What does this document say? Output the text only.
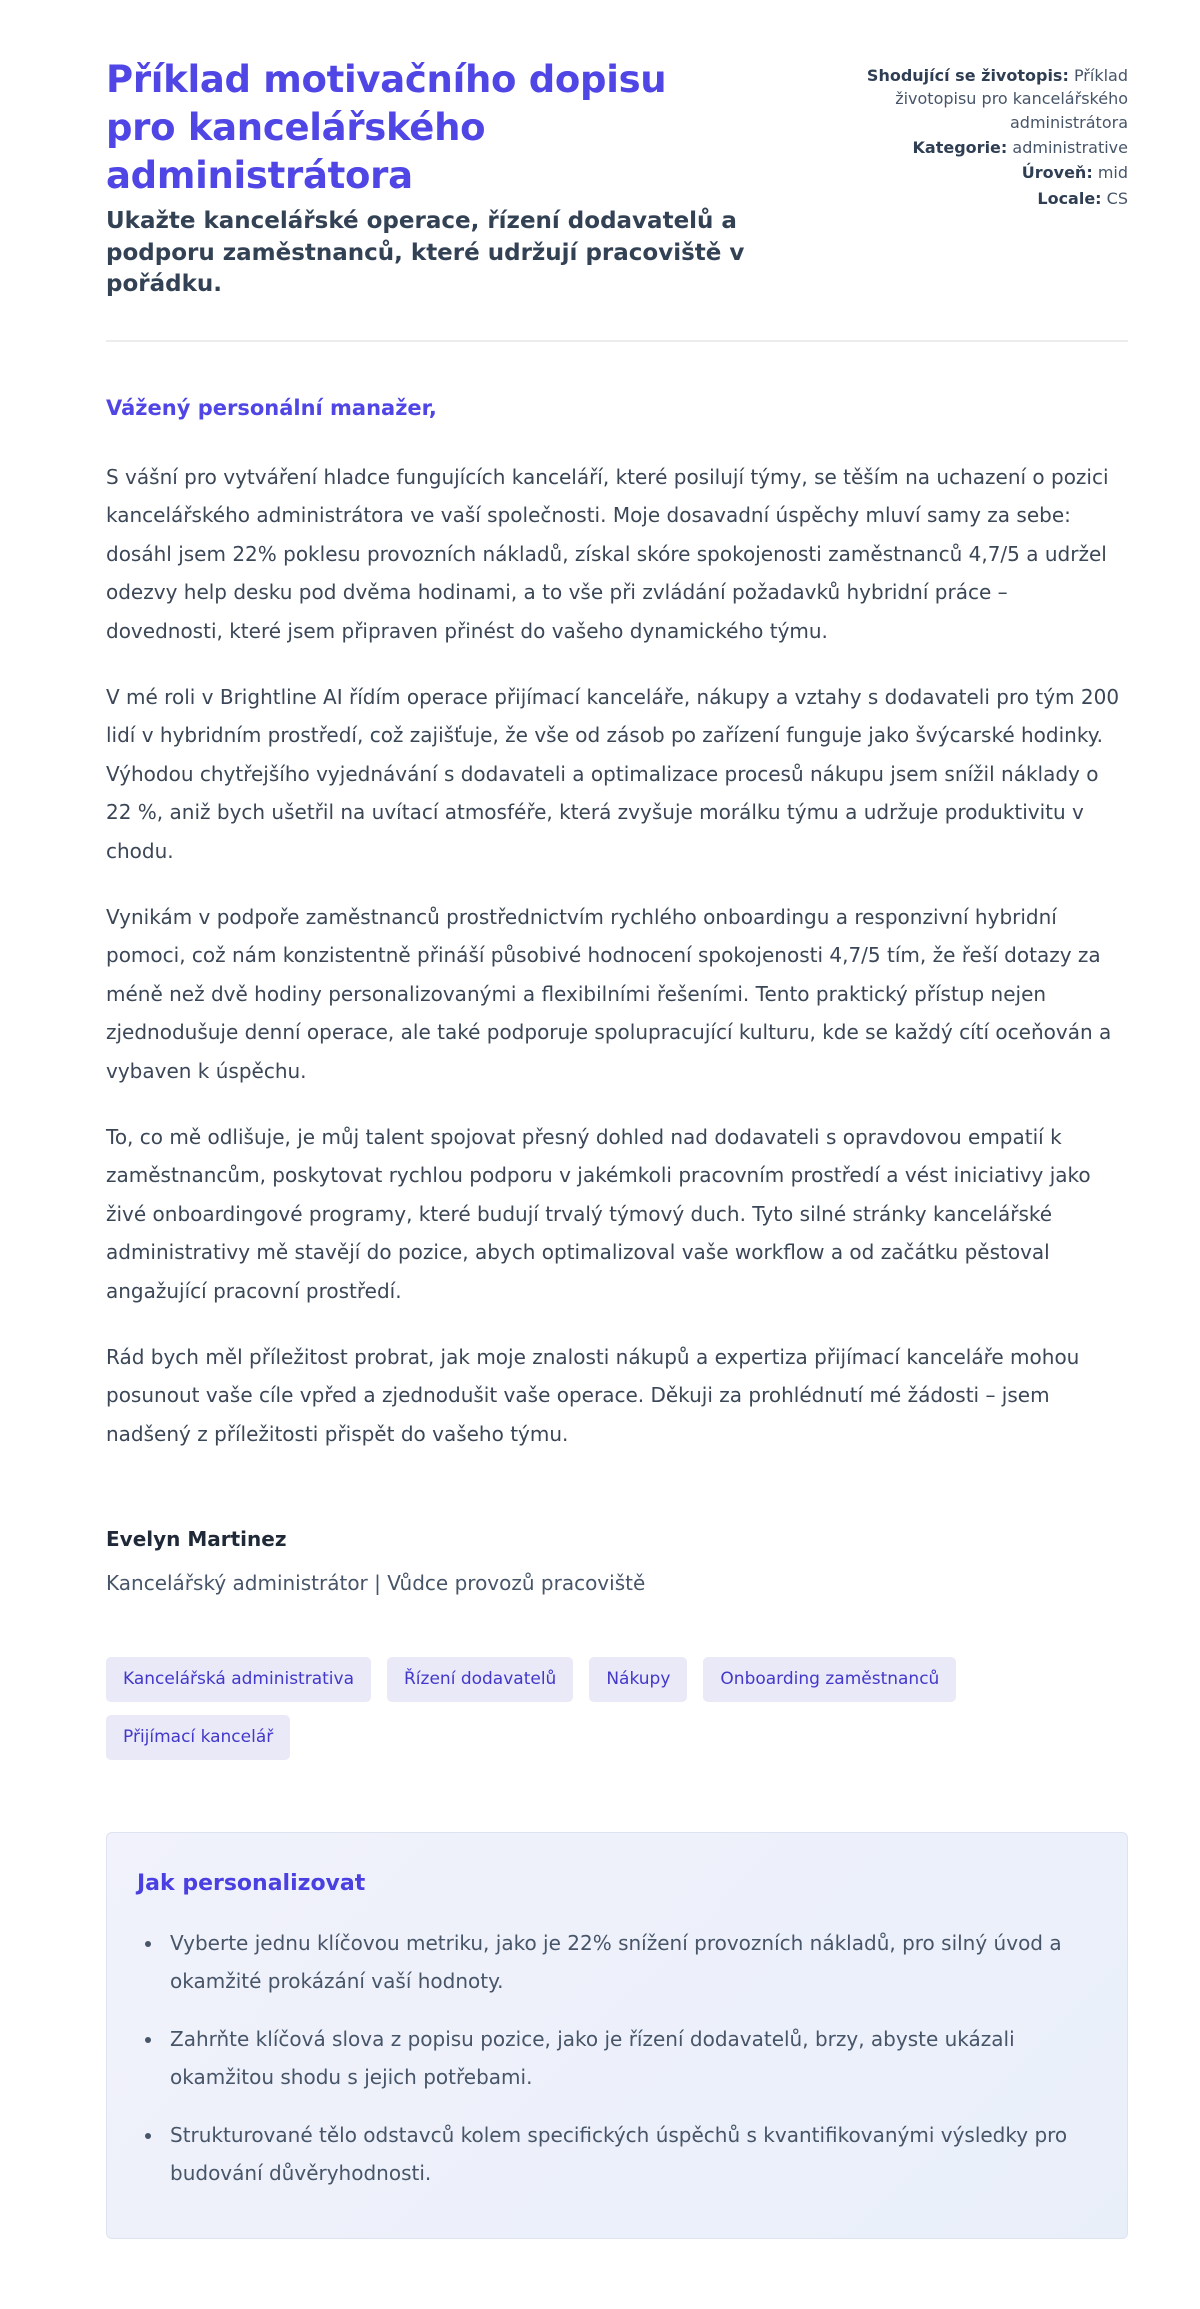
Příklad motivačního dopisu pro kancelářského administrátora

Ukažte kancelářské operace, řízení dodavatelů a podporu zaměstnanců, které udržují pracoviště v pořádku.

Shodující se životopis: Příklad životopisu pro kancelářského administrátora
Kategorie: administrative
Úroveň: mid
Locale: CS

Vážený personální manažer,

S vášní pro vytváření hladce fungujících kanceláří, které posilují týmy, se těším na uchazení o pozici kancelářského administrátora ve vaší společnosti. Moje dosavadní úspěchy mluví samy za sebe: dosáhl jsem 22% poklesu provozních nákladů, získal skóre spokojenosti zaměstnanců 4,7/5 a udržel odezvy help desku pod dvěma hodinami, a to vše při zvládání požadavků hybridní práce – dovednosti, které jsem připraven přinést do vašeho dynamického týmu.

V mé roli v Brightline AI řídím operace přijímací kanceláře, nákupy a vztahy s dodavateli pro tým 200 lidí v hybridním prostředí, což zajišťuje, že vše od zásob po zařízení funguje jako švýcarské hodinky. Výhodou chytřejšího vyjednávání s dodavateli a optimalizace procesů nákupu jsem snížil náklady o 22 %, aniž bych ušetřil na uvítací atmosféře, která zvyšuje morálku týmu a udržuje produktivitu v chodu.

Vynikám v podpoře zaměstnanců prostřednictvím rychlého onboardingu a responzivní hybridní pomoci, což nám konzistentně přináší působivé hodnocení spokojenosti 4,7/5 tím, že řeší dotazy za méně než dvě hodiny personalizovanými a flexibilními řešeními. Tento praktický přístup nejen zjednodušuje denní operace, ale také podporuje spolupracující kulturu, kde se každý cítí oceňován a vybaven k úspěchu.

To, co mě odlišuje, je můj talent spojovat přesný dohled nad dodavateli s opravdovou empatií k zaměstnancům, poskytovat rychlou podporu v jakémkoli pracovním prostředí a vést iniciativy jako živé onboardingové programy, které budují trvalý týmový duch. Tyto silné stránky kancelářské administrativy mě stavějí do pozice, abych optimalizoval vaše workflow a od začátku pěstoval angažující pracovní prostředí.

Rád bych měl příležitost probrat, jak moje znalosti nákupů a expertiza přijímací kanceláře mohou posunout vaše cíle vpřed a zjednodušit vaše operace. Děkuji za prohlédnutí mé žádosti – jsem nadšený z příležitosti přispět do vašeho týmu.

Evelyn Martinez

Kancelářský administrátor | Vůdce provozů pracoviště

Kancelářská administrativa	Řízení dodavatelů	Nákupy	Onboarding zaměstnanců
Přijímací kancelář
Jak personalizovat
• Vyberte jednu klíčovou metriku, jako je 22% snížení provozních nákladů, pro silný úvod a okamžité prokázání vaší hodnoty.
• Zahrňte klíčová slova z popisu pozice, jako je řízení dodavatelů, brzy, abyste ukázali okamžitou shodu s jejich potřebami.
• Strukturované tělo odstavců kolem specifických úspěchů s kvantifikovanými výsledky pro budování důvěryhodnosti.
